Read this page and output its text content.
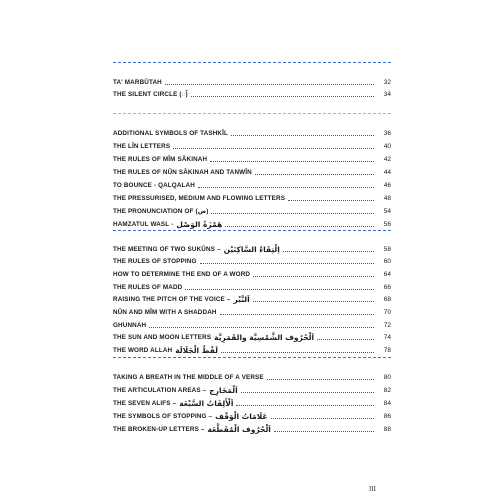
TA' MARBŪTAH	32
THE SILENT CIRCLE (◌ۡ)	34
ADDITIONAL SYMBOLS OF TASHKĪL	36
THE LĪN LETTERS	40
THE RULES OF MĪM SĀKINAH	42
THE RULES OF NŪN SĀKINAH AND TANWĪN	44
TO BOUNCE - QALQALAH	46
THE PRESSURISED, MEDIUM AND FLOWING LETTERS	48
THE PRONUNCIATION OF (ض)	54
HAMZATUL WASL - هَمْزَةُ الوَصْل	56
THE MEETING OF TWO SUKŪNS – اِلْتِقَاءُ السَّاكِنَيْن	58
THE RULES OF STOPPING	60
HOW TO DETERMINE THE END OF A WORD	64
THE RULES OF MADD	66
RAISING THE PITCH OF THE VOICE – اَلنَّبْر	68
NŪN AND MĪM WITH A SHADDAH	70
GHUNNAH	72
THE SUN AND MOON LETTERS اَلْحُرُوف الشَّمْسِيَّة والقَمَرِيَّة	74
THE WORD ALLAH لَفْظُ الْجَلَالَة	78
TAKING A BREATH IN THE MIDDLE OF A VERSE	80
THE ARTICULATION AREAS – اَلْمَخَارِج	82
THE SEVEN ALIFS – اَلْأَلِفَاتُ السَّبْعَة	84
THE SYMBOLS OF STOPPING – عَلَامَاتُ الْوَقْف	86
THE BROKEN-UP LETTERS – اَلْحُرُوف الْمُقَطَّعَة	88
III
